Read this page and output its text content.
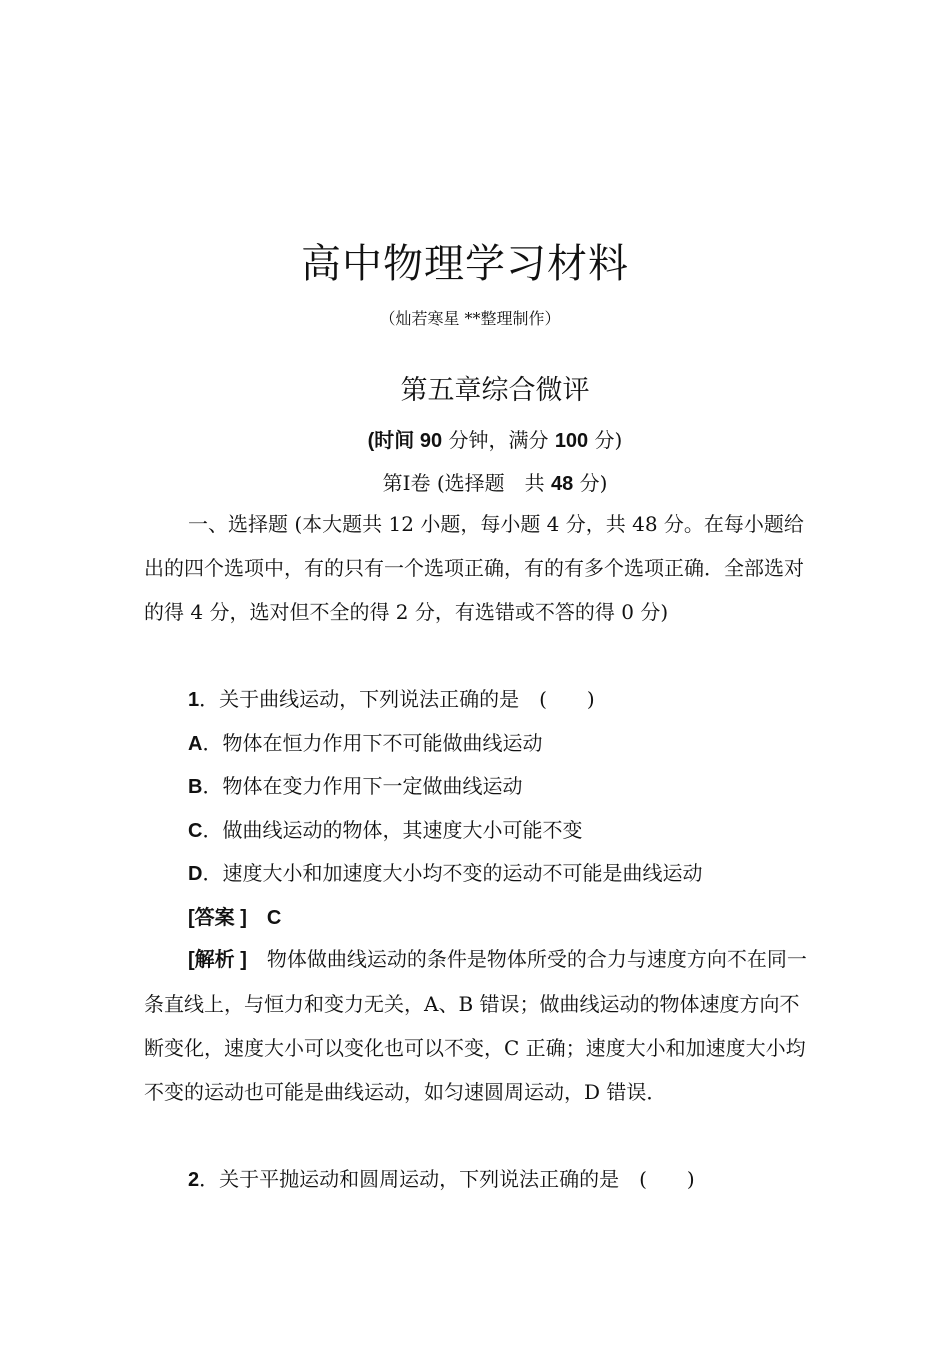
高中物理学习材料
（灿若寒星 **整理制作）
第五章综合微评
(时间 90 分钟，满分 100 分)
第Ⅰ卷 (选择题　共 48 分)
一、选择题 (本大题共 12 小题，每小题 4 分，共 48 分。在每小题给出的四个选项中，有的只有一个选项正确，有的有多个选项正确．全部选对的得 4 分，选对但不全的得 2 分，有选错或不答的得 0 分)
1．关于曲线运动，下列说法正确的是　(　　)
A．物体在恒力作用下不可能做曲线运动
B．物体在变力作用下一定做曲线运动
C．做曲线运动的物体，其速度大小可能不变
D．速度大小和加速度大小均不变的运动不可能是曲线运动
[答案 ]　 C
[解析 ]　 物体做曲线运动的条件是物体所受的合力与速度方向不在同一条直线上，与恒力和变力无关，A、B 错误；做曲线运动的物体速度方向不断变化，速度大小可以变化也可以不变，C 正确；速度大小和加速度大小均不变的运动也可能是曲线运动，如匀速圆周运动，D 错误．
2．关于平抛运动和圆周运动，下列说法正确的是　(　　)
